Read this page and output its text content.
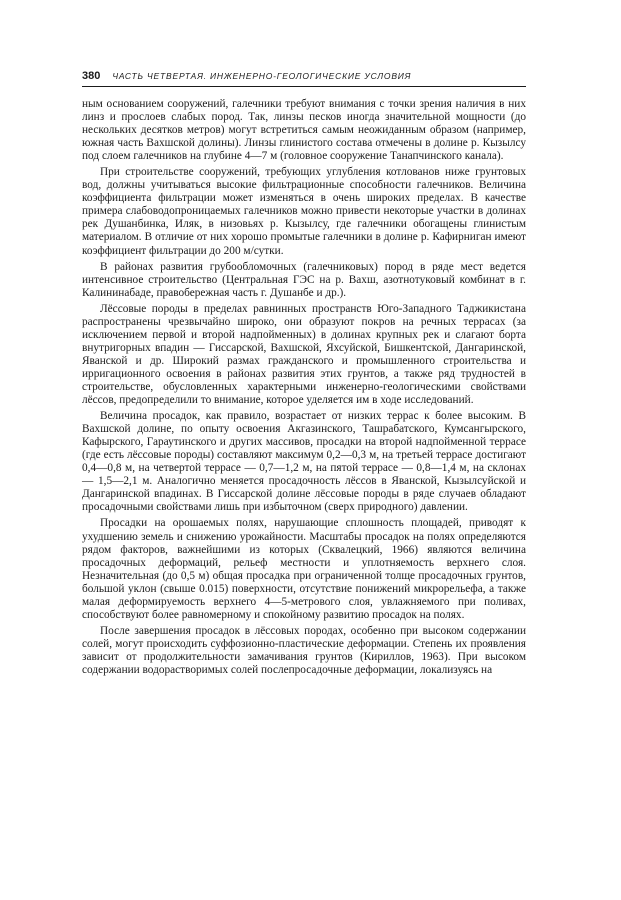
380 ЧАСТЬ ЧЕТВЕРТАЯ. ИНЖЕНЕРНО-ГЕОЛОГИЧЕСКИЕ УСЛОВИЯ

ным основанием сооружений, галечники требуют внимания с точки зрения наличия в них линз и прослоев слабых пород. Так, линзы песков иногда значительной мощности (до нескольких десятков метров) могут встретиться самым неожиданным образом (например, южная часть Вахшской долины). Линзы глинистого состава отмечены в долине р. Кызылсу под слоем галечников на глубине 4—7 м (головное сооружение Танапчинского канала).

При строительстве сооружений, требующих углубления котлованов ниже грунтовых вод, должны учитываться высокие фильтрационные способности галечников. Величина коэффициента фильтрации может изменяться в очень широких пределах. В качестве примера слабоводопроницаемых галечников можно привести некоторые участки в долинах рек Душанбинка, Иляк, в низовьях р. Кызылсу, где галечники обогащены глинистым материалом. В отличие от них хорошо промытые галечники в долине р. Кафирниган имеют коэффициент фильтрации до 200 м/сутки.

В районах развития грубообломочных (галечниковых) пород в ряде мест ведется интенсивное строительство (Центральная ГЭС на р. Вахш, азотнотуковый комбинат в г. Калининабаде, правобережная часть г. Душанбе и др.).

Лёссовые породы в пределах равнинных пространств Юго-Западного Таджикистана распространены чрезвычайно широко, они образуют покров на речных террасах (за исключением первой и второй надпойменных) в долинах крупных рек и слагают борта внутригорных впадин — Гиссарской, Вахшской, Яхсуйской, Бишкентской, Дангаринской, Яванской и др. Широкий размах гражданского и промышленного строительства и ирригационного освоения в районах развития этих грунтов, а также ряд трудностей в строительстве, обусловленных характерными инженерно-геологическими свойствами лёссов, предопределили то внимание, которое уделяется им в ходе исследований.

Величина просадок, как правило, возрастает от низких террас к более высоким. В Вахшской долине, по опыту освоения Акгазинского, Ташрабатского, Кумсангырского, Кафырского, Гараутинского и других массивов, просадки на второй надпойменной террасе (где есть лёссовые породы) составляют максимум 0,2—0,3 м, на третьей террасе достигают 0,4—0,8 м, на четвертой террасе — 0,7—1,2 м, на пятой террасе — 0,8—1,4 м, на склонах — 1,5—2,1 м. Аналогично меняется просадочность лёссов в Яванской, Кызылсуйской и Дангаринской впадинах. В Гиссарской долине лёссовые породы в ряде случаев обладают просадочными свойствами лишь при избыточном (сверх природного) давлении.

Просадки на орошаемых полях, нарушающие сплошность площадей, приводят к ухудшению земель и снижению урожайности. Масштабы просадок на полях определяются рядом факторов, важнейшими из которых (Сквалецкий, 1966) являются величина просадочных деформаций, рельеф местности и уплотняемость верхнего слоя. Незначительная (до 0,5 м) общая просадка при ограниченной толще просадочных грунтов, большой уклон (свыше 0.015) поверхности, отсутствие понижений микрорельефа, а также малая деформируемость верхнего 4—5-метрового слоя, увлажняемого при поливах, способствуют более равномерному и спокойному развитию просадок на полях.

После завершения просадок в лёссовых породах, особенно при высоком содержании солей, могут происходить суффозионно-пластические деформации. Степень их проявления зависит от продолжительности замачивания грунтов (Кириллов, 1963). При высоком содержании водорастворимых солей послепросадочные деформации, локализуясь на
